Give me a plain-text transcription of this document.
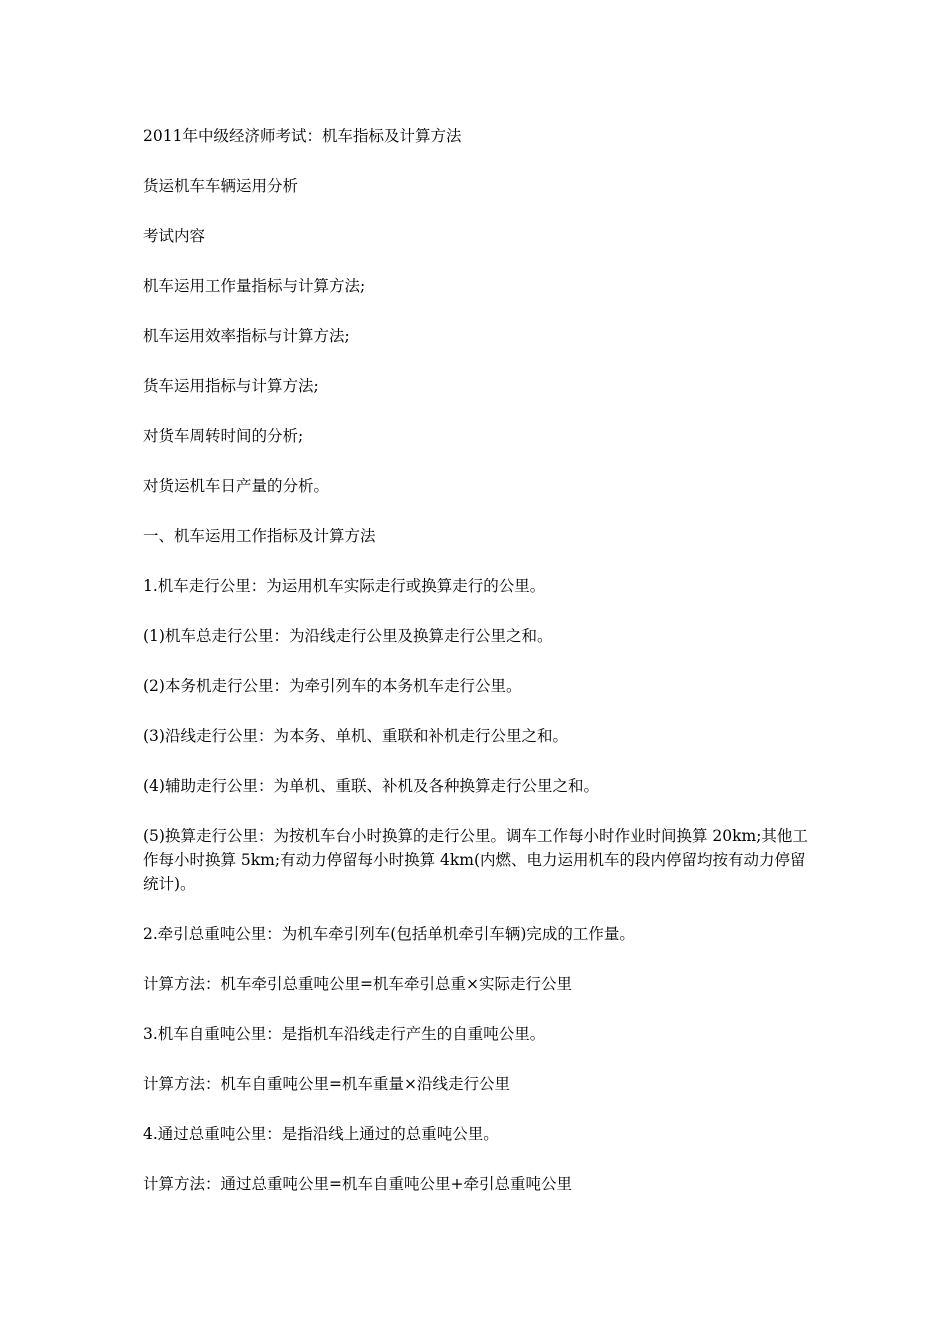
2011年中级经济师考试：机车指标及计算方法

货运机车车辆运用分析

考试内容

机车运用工作量指标与计算方法;

机车运用效率指标与计算方法;

货车运用指标与计算方法;

对货车周转时间的分析;

对货运机车日产量的分析。

一、机车运用工作指标及计算方法

1.机车走行公里：为运用机车实际走行或换算走行的公里。

(1)机车总走行公里：为沿线走行公里及换算走行公里之和。

(2)本务机走行公里：为牵引列车的本务机车走行公里。

(3)沿线走行公里：为本务、单机、重联和补机走行公里之和。

(4)辅助走行公里：为单机、重联、补机及各种换算走行公里之和。

(5)换算走行公里：为按机车台小时换算的走行公里。调车工作每小时作业时间换算 20km;其他工作每小时换算 5km;有动力停留每小时换算 4km(内燃、电力运用机车的段内停留均按有动力停留统计)。

2.牵引总重吨公里：为机车牵引列车(包括单机牵引车辆)完成的工作量。

计算方法：机车牵引总重吨公里=机车牵引总重×实际走行公里

3.机车自重吨公里：是指机车沿线走行产生的自重吨公里。

计算方法：机车自重吨公里=机车重量×沿线走行公里

4.通过总重吨公里：是指沿线上通过的总重吨公里。

计算方法：通过总重吨公里=机车自重吨公里+牵引总重吨公里
